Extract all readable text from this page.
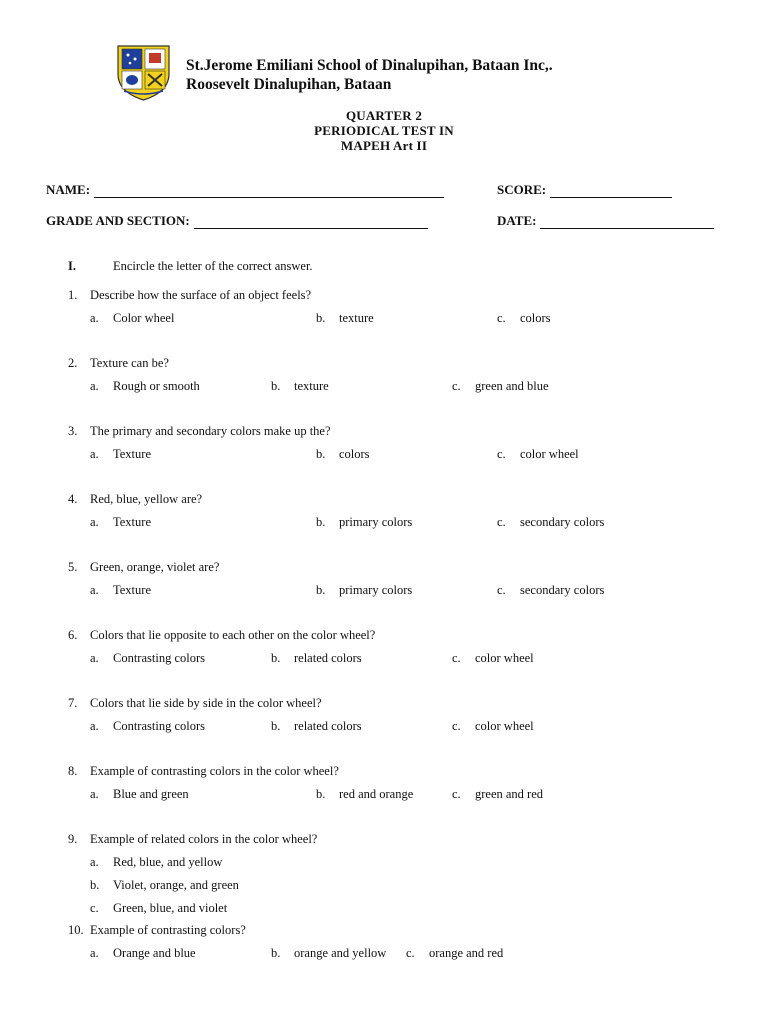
St.Jerome Emiliani School of Dinalupihan, Bataan Inc,.
Roosevelt Dinalupihan, Bataan
QUARTER 2
PERIODICAL TEST IN
MAPEH Art II
NAME:	SCORE:
GRADE AND SECTION:	DATE:
I.	Encircle the letter of the correct answer.
1. Describe how the surface of an object feels?
a. Color wheel	b. texture	c. colors
2. Texture can be?
a. Rough or smooth	b. texture	c. green and blue
3. The primary and secondary colors make up the?
a. Texture	b. colors	c. color wheel
4. Red, blue, yellow are?
a. Texture	b. primary colors	c. secondary colors
5. Green, orange, violet are?
a. Texture	b. primary colors	c. secondary colors
6. Colors that lie opposite to each other on the color wheel?
a. Contrasting colors	b. related colors	c. color wheel
7. Colors that lie side by side in the color wheel?
a. Contrasting colors	b. related colors	c. color wheel
8. Example of contrasting colors in the color wheel?
a. Blue and green	b. red and orange	c. green and red
9. Example of related colors in the color wheel?
a. Red, blue, and yellow
b. Violet, orange, and green
c. Green, blue, and violet
10. Example of contrasting colors?
a. Orange and blue	b. orange and yellow c. orange and red
